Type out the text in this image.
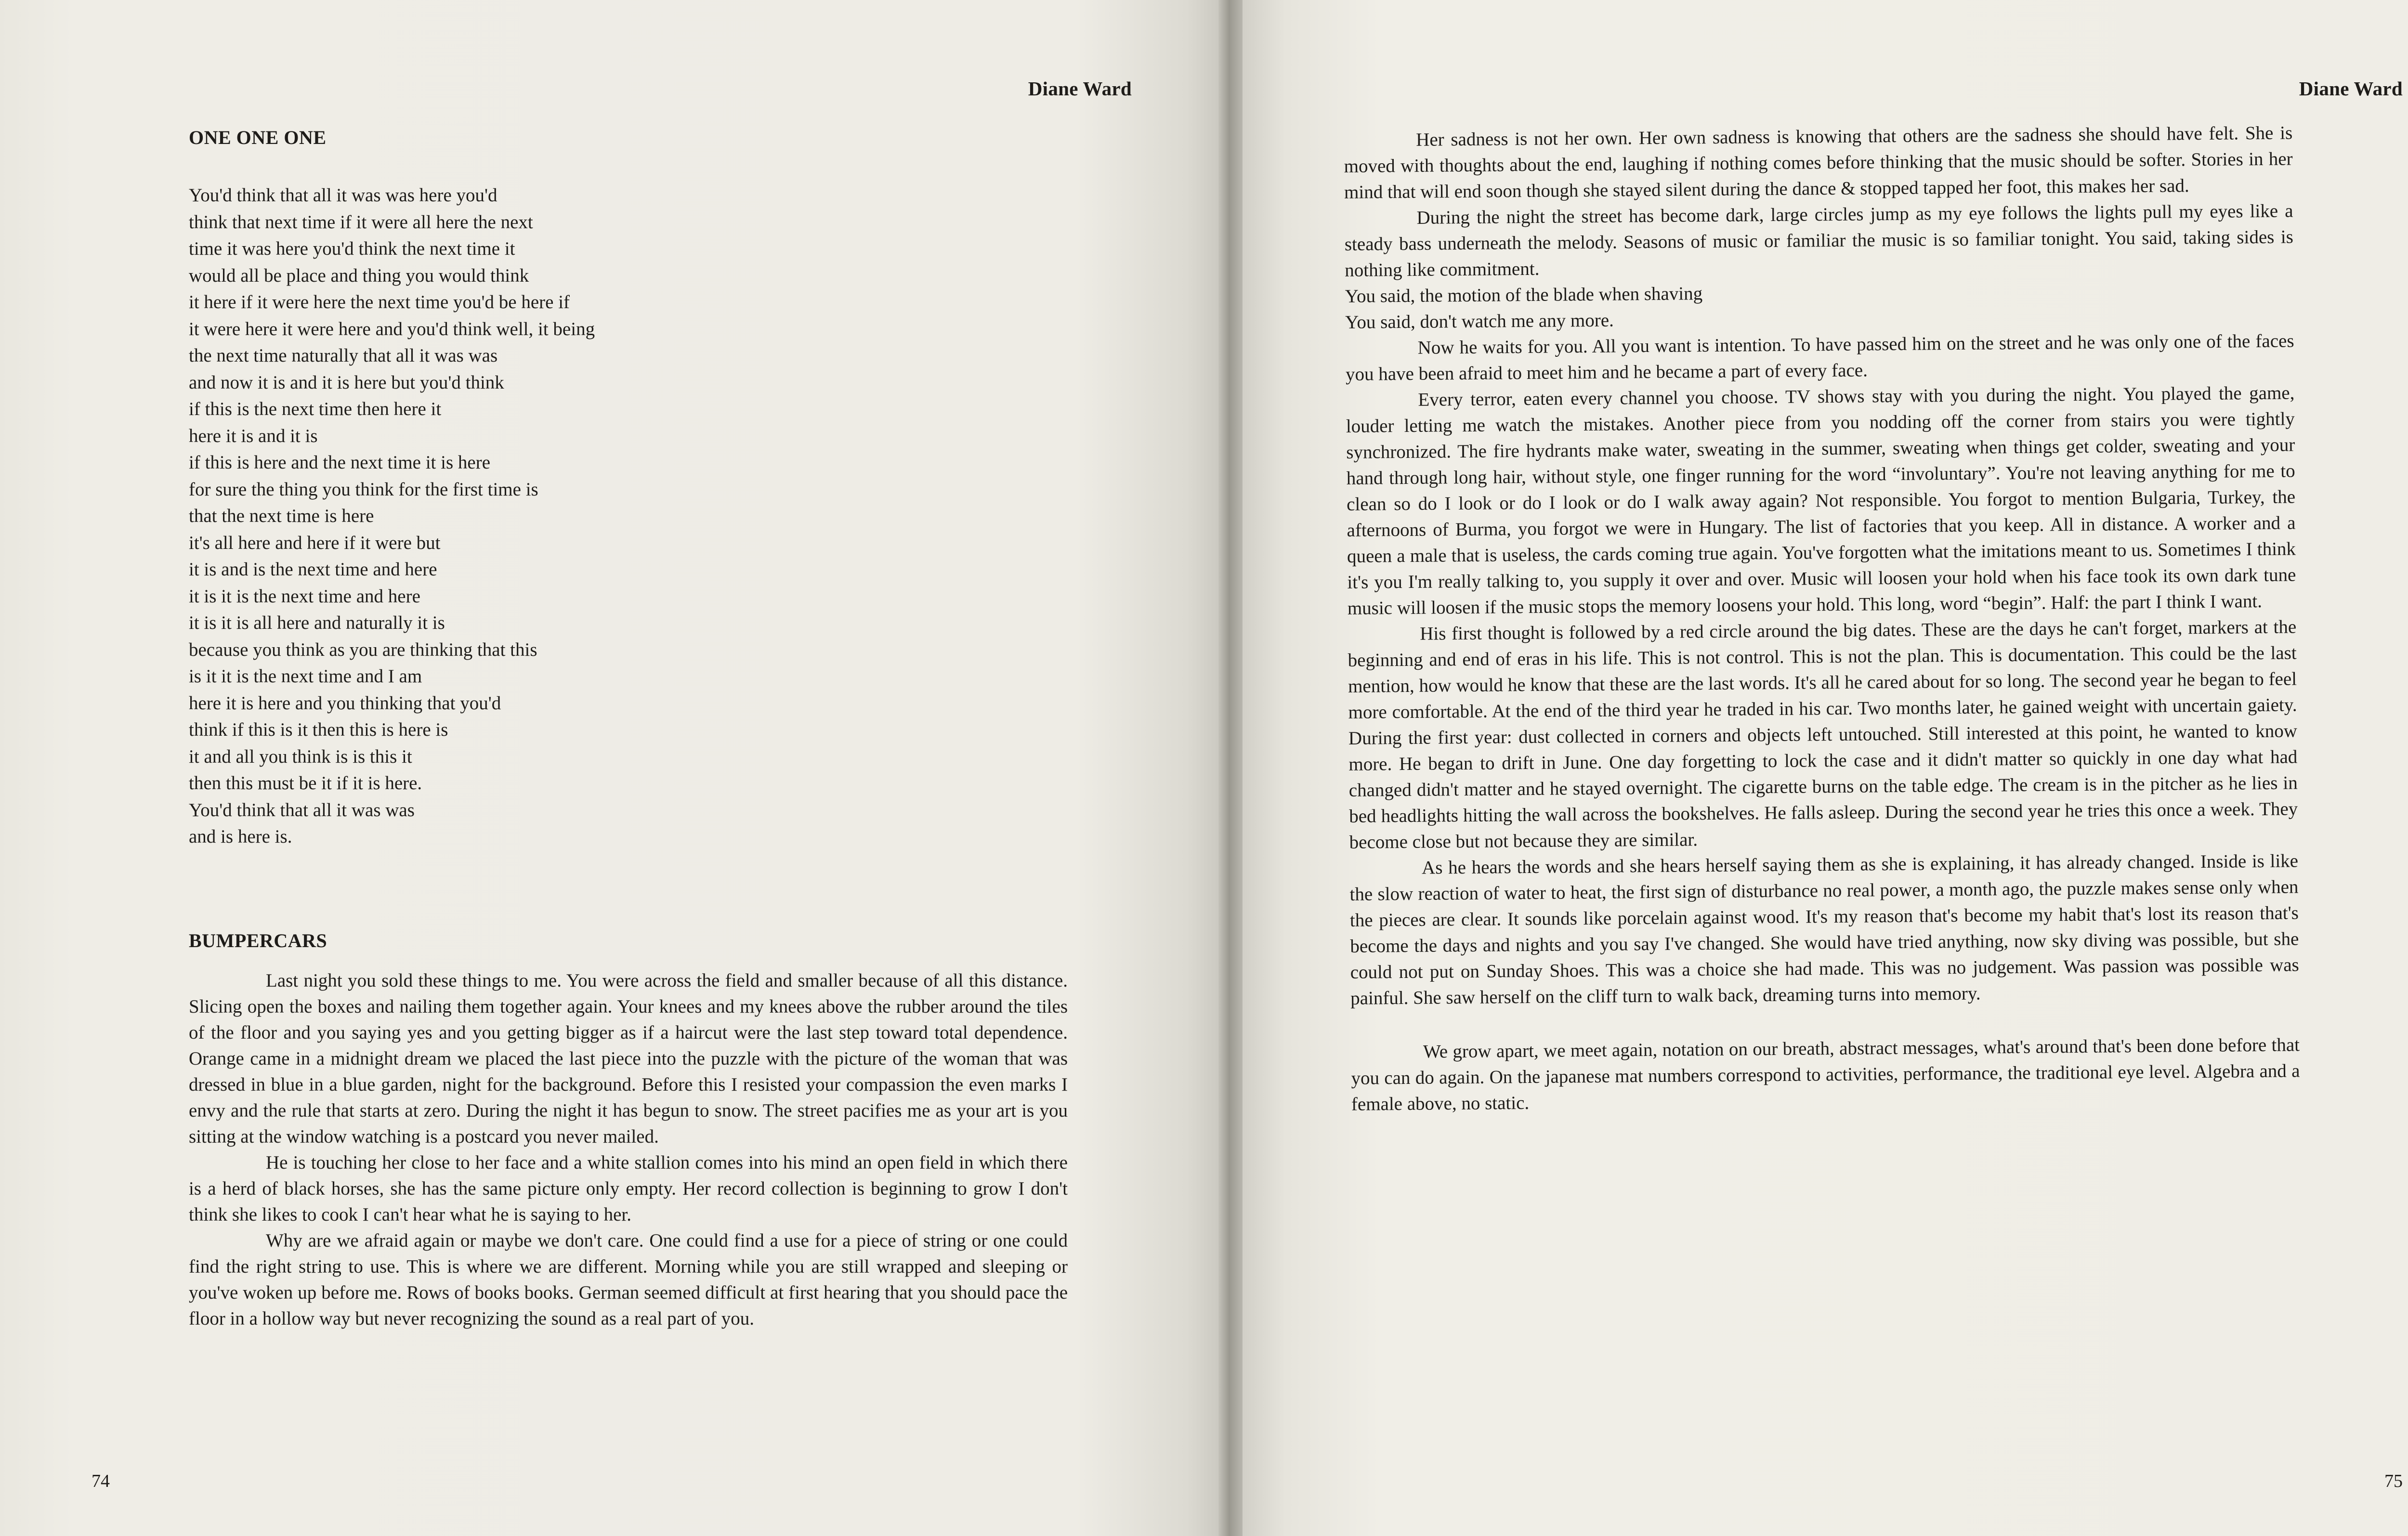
Diane Ward
ONE ONE ONE
You'd think that all it was was here you'd
think that next time if it were all here the next
time it was here you'd think the next time it
would all be place and thing you would think
it here if it were here the next time you'd be here if
it were here it were here and you'd think well, it being
the next time naturally that all it was was
and now it is and it is here but you'd think
if this is the next time then here it
here it is and it is
if this is here and the next time it is here
for sure the thing you think for the first time is
that the next time is here
it's all here and here if it were but
it is and is the next time and here
it is it is the next time and here
it is it is all here and naturally it is
because you think as you are thinking that this
is it it is the next time and I am
here it is here and you thinking that you'd
think if this is it then this is here is
it and all you think is is this it
then this must be it if it is here.
You'd think that all it was was
and is here is.
BUMPERCARS

Last night you sold these things to me. You were across the field and smaller because of all this distance. Slicing open the boxes and nailing them together again. Your knees and my knees above the rubber around the tiles of the floor and you saying yes and you getting bigger as if a haircut were the last step toward total dependence. Orange came in a midnight dream we placed the last piece into the puzzle with the picture of the woman that was dressed in blue in a blue garden, night for the background. Before this I resisted your compassion the even marks I envy and the rule that starts at zero. During the night it has begun to snow. The street pacifies me as your art is you sitting at the window watching is a postcard you never mailed.

He is touching her close to her face and a white stallion comes into his mind an open field in which there is a herd of black horses, she has the same picture only empty. Her record collection is beginning to grow I don't think she likes to cook I can't hear what he is saying to her.

Why are we afraid again or maybe we don't care. One could find a use for a piece of string or one could find the right string to use. This is where we are different. Morning while you are still wrapped and sleeping or you've woken up before me. Rows of books books. German seemed difficult at first hearing that you should pace the floor in a hollow way but never recognizing the sound as a real part of you.

74
Diane Ward

Her sadness is not her own. Her own sadness is knowing that others are the sadness she should have felt. She is moved with thoughts about the end, laughing if nothing comes before thinking that the music should be softer. Stories in her mind that will end soon though she stayed silent during the dance & stopped tapped her foot, this makes her sad.

During the night the street has become dark, large circles jump as my eye follows the lights pull my eyes like a steady bass underneath the melody. Seasons of music or familiar the music is so familiar tonight. You said, taking sides is nothing like commitment.

You said, the motion of the blade when shaving

You said, don't watch me any more.

Now he waits for you. All you want is intention. To have passed him on the street and he was only one of the faces you have been afraid to meet him and he became a part of every face.

Every terror, eaten every channel you choose. TV shows stay with you during the night. You played the game, louder letting me watch the mistakes. Another piece from you nodding off the corner from stairs you were tightly synchronized. The fire hydrants make water, sweating in the summer, sweating when things get colder, sweating and your hand through long hair, without style, one finger running for the word “involuntary”. You're not leaving anything for me to clean so do I look or do I look or do I walk away again? Not responsible. You forgot to mention Bulgaria, Turkey, the afternoons of Burma, you forgot we were in Hungary. The list of factories that you keep. All in distance. A worker and a queen a male that is useless, the cards coming true again. You've forgotten what the imitations meant to us. Sometimes I think it's you I'm really talking to, you supply it over and over. Music will loosen your hold when his face took its own dark tune music will loosen if the music stops the memory loosens your hold. This long, word “begin”. Half: the part I think I want.

His first thought is followed by a red circle around the big dates. These are the days he can't forget, markers at the beginning and end of eras in his life. This is not control. This is not the plan. This is documentation. This could be the last mention, how would he know that these are the last words. It's all he cared about for so long. The second year he began to feel more comfortable. At the end of the third year he traded in his car. Two months later, he gained weight with uncertain gaiety. During the first year: dust collected in corners and objects left untouched. Still interested at this point, he wanted to know more. He began to drift in June. One day forgetting to lock the case and it didn't matter so quickly in one day what had changed didn't matter and he stayed overnight. The cigarette burns on the table edge. The cream is in the pitcher as he lies in bed headlights hitting the wall across the bookshelves. He falls asleep. During the second year he tries this once a week. They become close but not because they are similar.

As he hears the words and she hears herself saying them as she is explaining, it has already changed. Inside is like the slow reaction of water to heat, the first sign of disturbance no real power, a month ago, the puzzle makes sense only when the pieces are clear. It sounds like porcelain against wood. It's my reason that's become my habit that's lost its reason that's become the days and nights and you say I've changed. She would have tried anything, now sky diving was possible, but she could not put on Sunday Shoes. This was a choice she had made. This was no judgement. Was passion was possible was painful. She saw herself on the cliff turn to walk back, dreaming turns into memory.

We grow apart, we meet again, notation on our breath, abstract messages, what's around that's been done before that you can do again. On the japanese mat numbers correspond to activities, performance, the traditional eye level. Algebra and a female above, no static.

75
